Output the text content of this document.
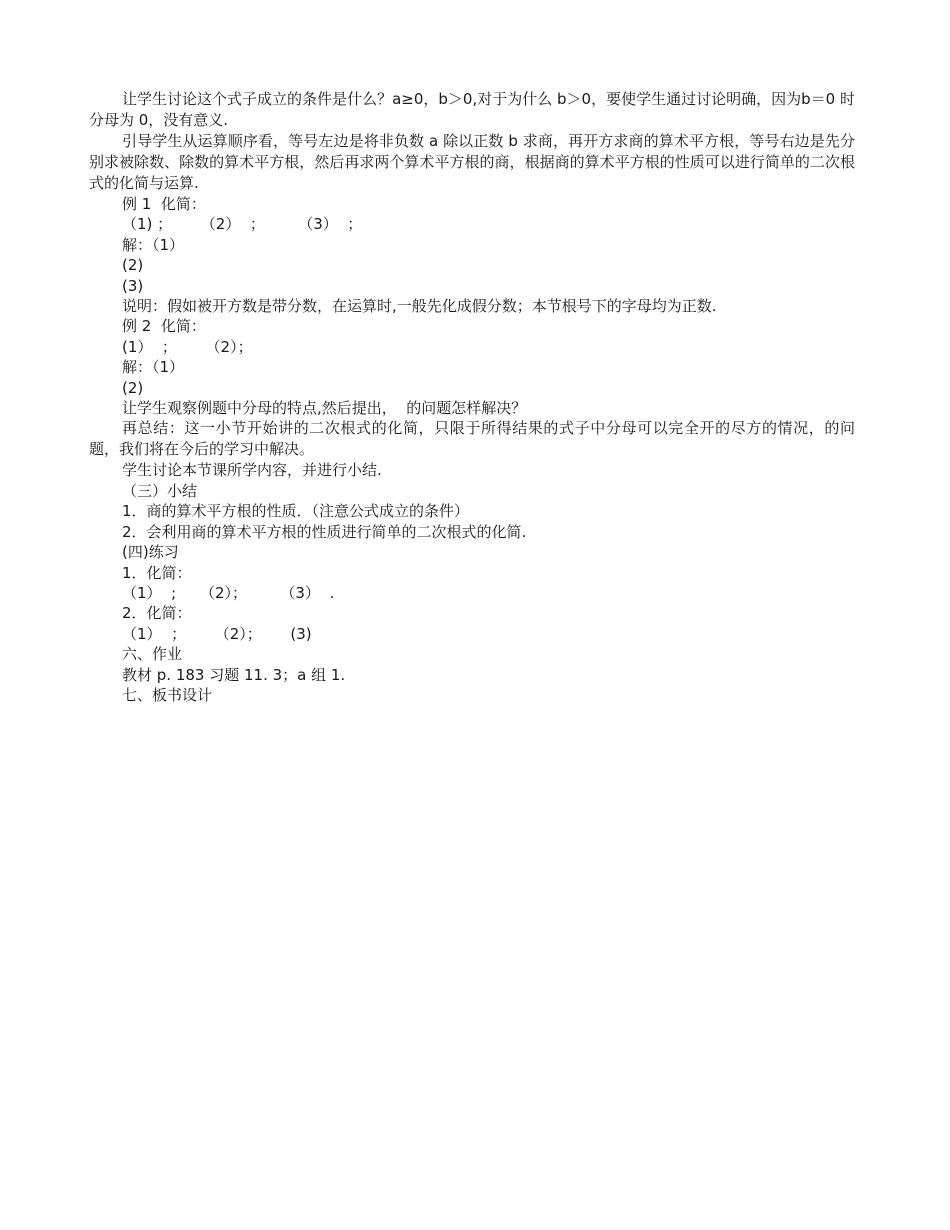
让学生讨论这个式子成立的条件是什么？a≥0，b＞0,对于为什么 b＞0，要使学生通过讨论明确，因为b＝0 时分母为 0，没有意义.

引导学生从运算顺序看，等号左边是将非负数 a 除以正数 b 求商，再开方求商的算术平方根，等号右边是先分别求被除数、除数的算术平方根，然后再求两个算术平方根的商，根据商的算术平方根的性质可以进行简单的二次根式的化简与运算.

例 1  化简：
（1) ；      （2）  ；       （3）  ；
解：（1）
(2)
(3)
说明：假如被开方数是带分数，在运算时,一般先化成假分数；本节根号下的字母均为正数.
例 2  化简：
(1）  ；      （2）；
解：（1）
(2)
让学生观察例题中分母的特点,然后提出，  的问题怎样解决？

再总结：这一小节开始讲的二次根式的化简，只限于所得结果的式子中分母可以完全开的尽方的情况，的问题，我们将在今后的学习中解决。

学生讨论本节课所学内容，并进行小结.
（三）小结
1．商的算术平方根的性质．（注意公式成立的条件）
2．会利用商的算术平方根的性质进行简单的二次根式的化简.
(四)练习
1．化简：
（1）  ;     （2）；       （3）  .
2．化简：
（1）  ；      （2）；      (3)
六、作业
教材 p. 183 习题 11. 3；a 组 1.
七、板书设计
